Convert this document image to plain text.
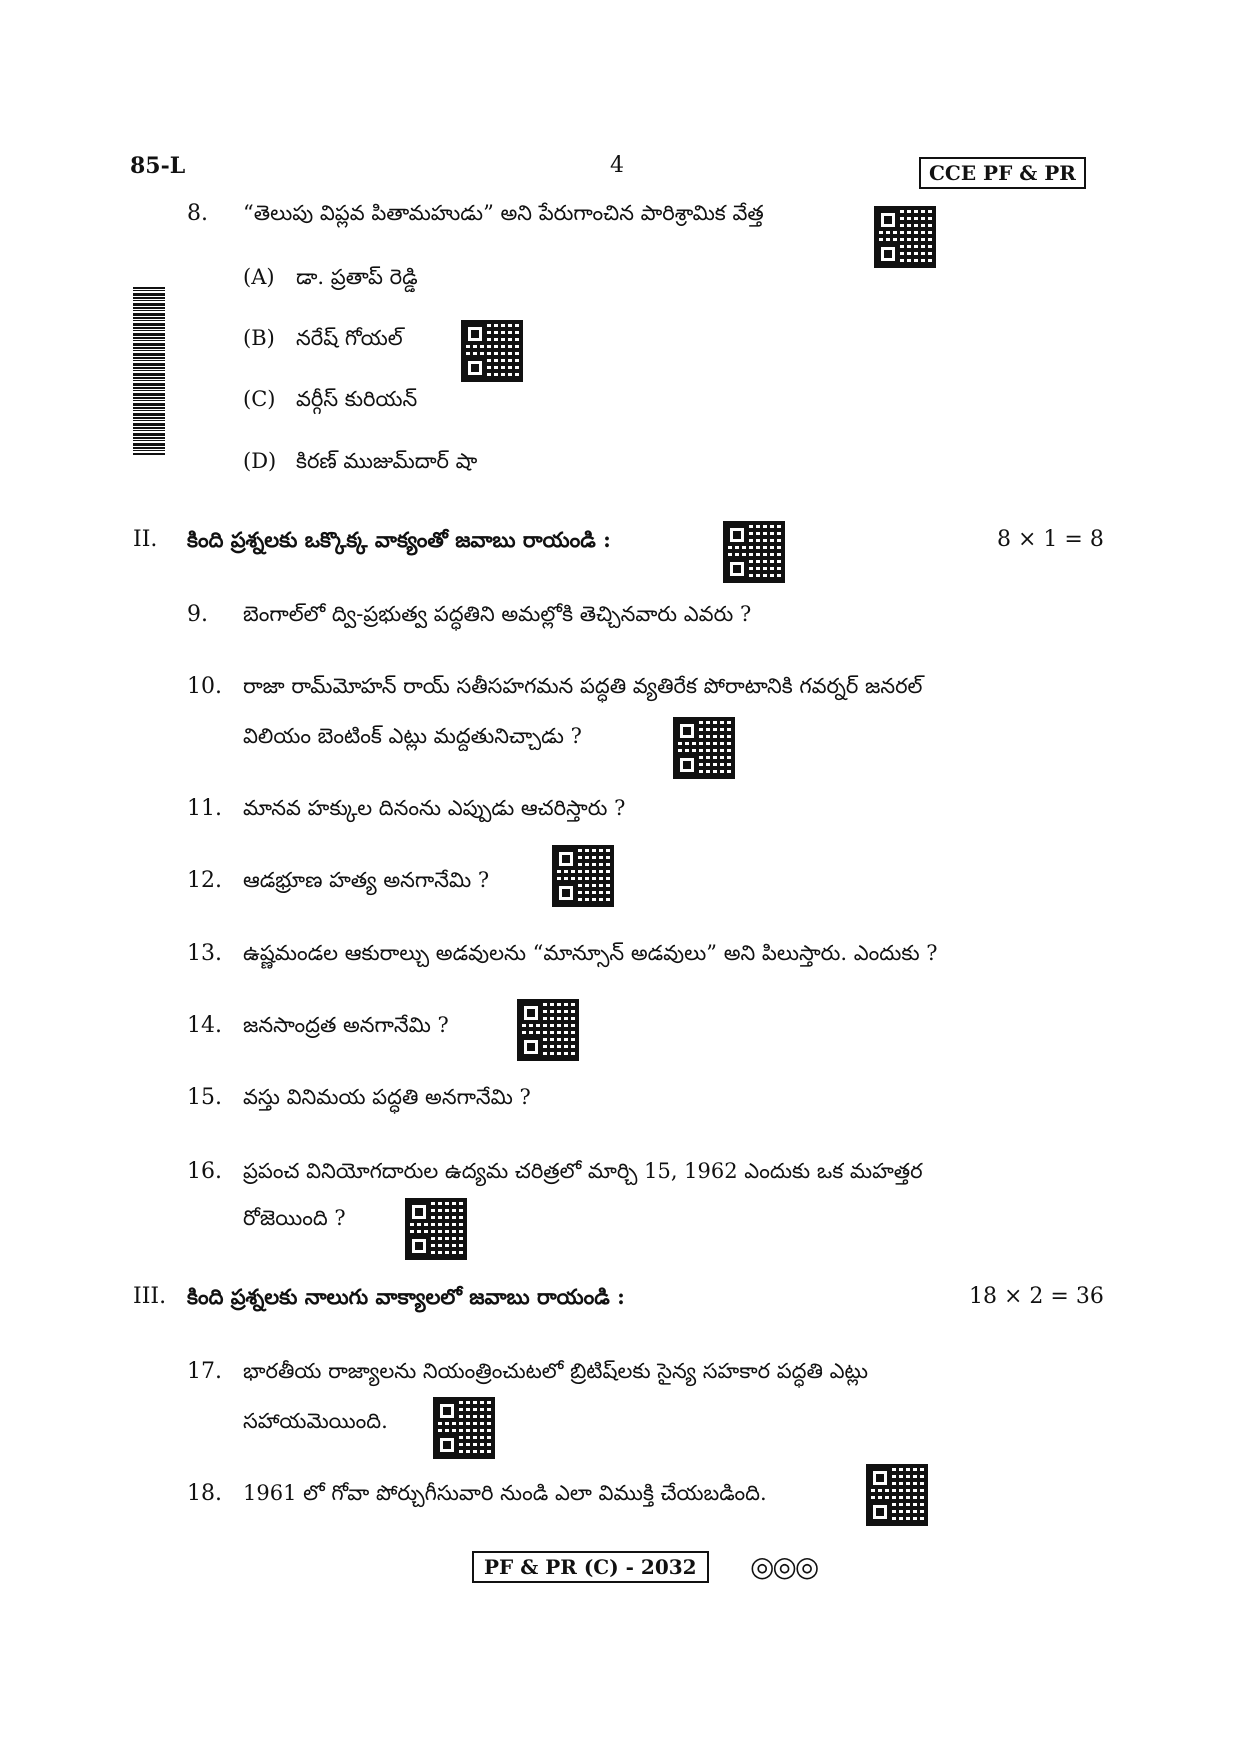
85-L	4	CCE PF & PR
8. “తెలుపు విప్లవ పితామహుడు” అని పేరుగాంచిన పారిశ్రామిక వేత్త
(A) డా. ప్రతాప్ రెడ్డి
(B) నరేష్ గోయల్
(C) వర్గీస్ కురియన్
(D) కిరణ్ ముజుమ్‌దార్ షా
II. కింది ప్రశ్నలకు ఒక్కొక్క వాక్యంతో జవాబు రాయండి :	8 × 1 = 8
9. బెంగాల్‌లో ద్వి-ప్రభుత్వ పద్ధతిని అమల్లోకి తెచ్చినవారు ఎవరు ?
10. రాజా రామ్‌మోహన్ రాయ్ సతీసహగమన పద్ధతి వ్యతిరేక పోరాటానికి గవర్నర్ జనరల్
విలియం బెంటింక్ ఎట్లు మద్దతునిచ్చాడు ?
11. మానవ హక్కుల దినంను ఎప్పుడు ఆచరిస్తారు ?
12. ఆడభ్రూణ హత్య అనగానేమి ?
13. ఉష్ణమండల ఆకురాల్చు అడవులను “మాన్సూన్ అడవులు” అని పిలుస్తారు. ఎందుకు ?
14. జనసాంద్రత అనగానేమి ?
15. వస్తు వినిమయ పద్ధతి అనగానేమి ?
16. ప్రపంచ వినియోగదారుల ఉద్యమ చరిత్రలో మార్చి 15, 1962 ఎందుకు ఒక మహత్తర
రోజెయింది ?
III. కింది ప్రశ్నలకు నాలుగు వాక్యాలలో జవాబు రాయండి :	18 × 2 = 36
17. భారతీయ రాజ్యాలను నియంత్రించుటలో బ్రిటిష్‌లకు సైన్య సహకార పద్ధతి ఎట్లు
సహాయమెయింది.
18. 1961 లో గోవా పోర్చుగీసువారి నుండి ఎలా విముక్తి చేయబడింది.
PF & PR (C) - 2032	◎◎◎
